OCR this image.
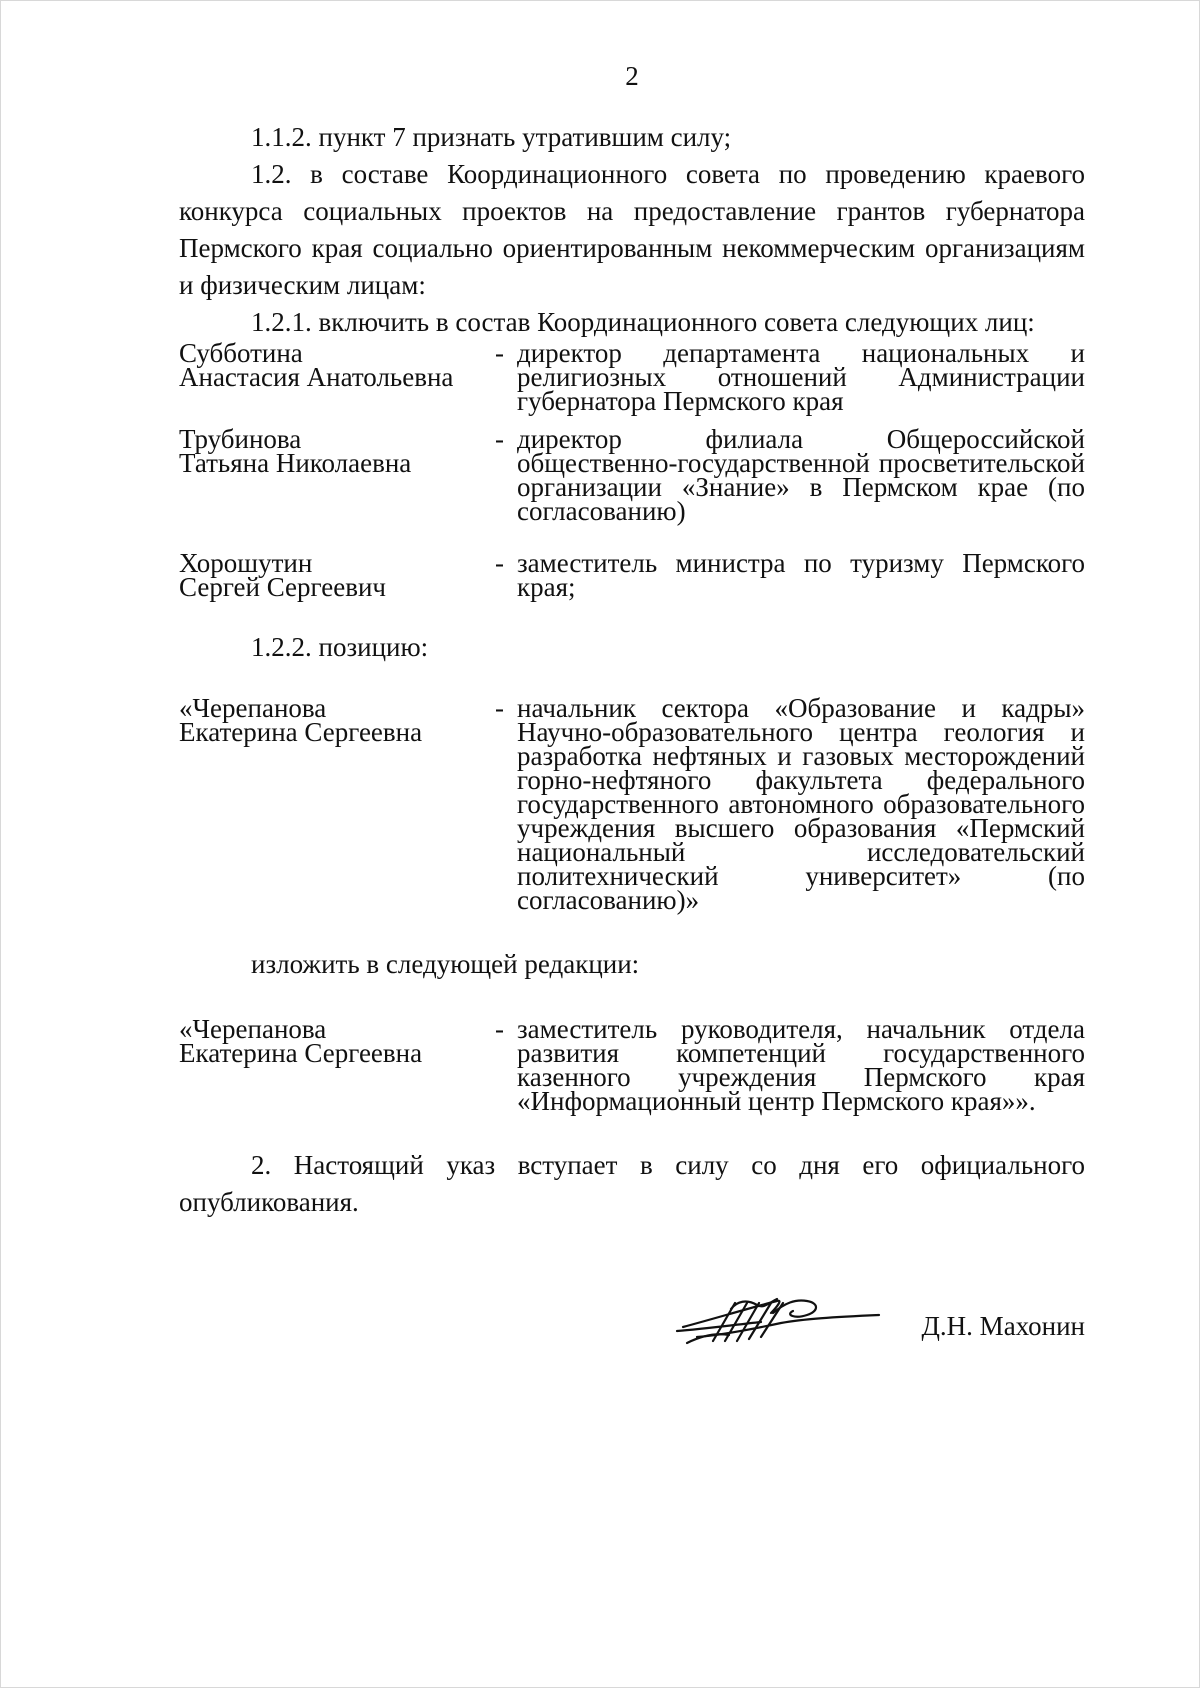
2

1.1.2. пункт 7 признать утратившим силу;

1.2. в составе Координационного совета по проведению краевого конкурса социальных проектов на предоставление грантов губернатора Пермского края социально ориентированным некоммерческим организациям и физическим лицам:

1.2.1. включить в состав Координационного совета следующих лиц:

Субботина
Анастасия Анатольевна
- директор департамента национальных и религиозных отношений Администрации губернатора Пермского края
Трубинова
Татьяна Николаевна
- директор филиала Общероссийской общественно-государственной просветительской организации «Знание» в Пермском крае (по согласованию)
Хорошутин
Сергей Сергеевич
- заместитель министра по туризму Пермского края;

1.2.2. позицию:

«Черепанова
Екатерина Сергеевна
- начальник сектора «Образование и кадры» Научно-образовательного центра геология и разработка нефтяных и газовых месторождений горно-нефтяного факультета федерального государственного автономного образовательного учреждения высшего образования «Пермский национальный исследовательский политехнический университет» (по согласованию)»

изложить в следующей редакции:

«Черепанова
Екатерина Сергеевна
- заместитель руководителя, начальник отдела развития компетенций государственного казенного учреждения Пермского края «Информационный центр Пермского края»».

2. Настоящий указ вступает в силу со дня его официального опубликования.

Д.Н. Махонин
